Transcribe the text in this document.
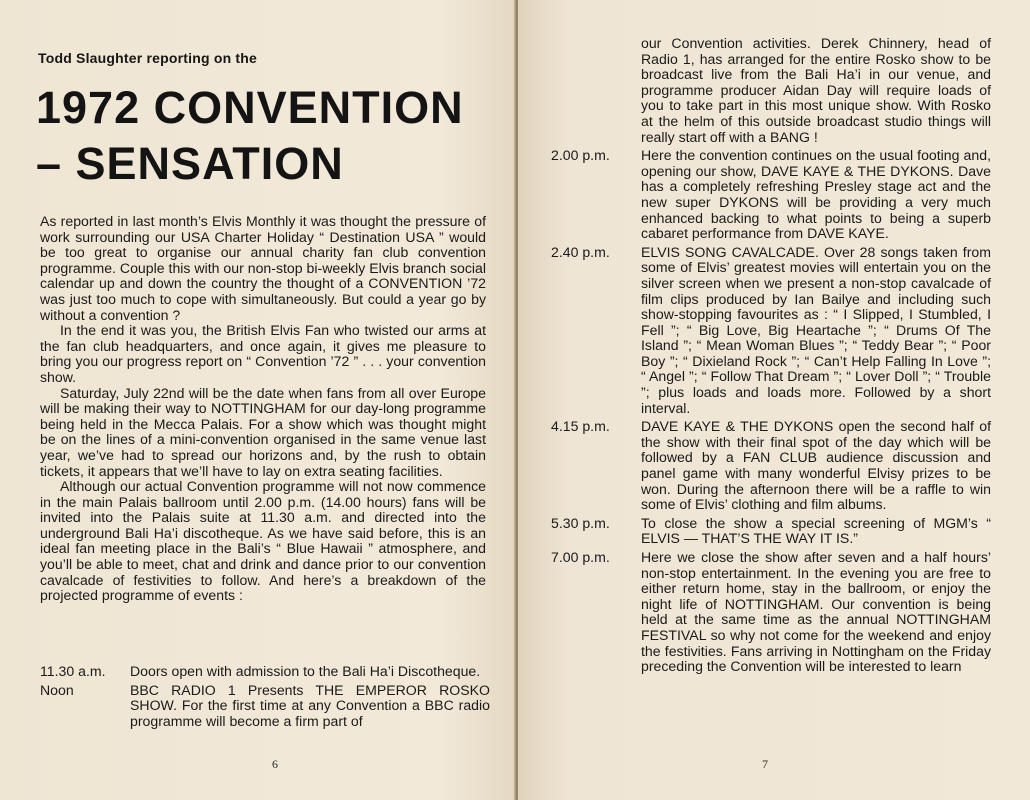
Todd Slaughter reporting on the
1972 CONVENTION
– SENSATION

As reported in last month’s Elvis Monthly it was thought the pressure of work surrounding our USA Charter Holiday “ Destination USA ” would be too great to organise our annual charity fan club convention programme. Couple this with our non-stop bi-weekly Elvis branch social calendar up and down the country the thought of a CONVENTION ’72 was just too much to cope with simultaneously. But could a year go by without a convention ?

In the end it was you, the British Elvis Fan who twisted our arms at the fan club headquarters, and once again, it gives me pleasure to bring you our progress report on “ Convention ’72 ” . . . your convention show.

Saturday, July 22nd will be the date when fans from all over Europe will be making their way to NOTTINGHAM for our day-long programme being held in the Mecca Palais. For a show which was thought might be on the lines of a mini-convention organised in the same venue last year, we’ve had to spread our horizons and, by the rush to obtain tickets, it appears that we’ll have to lay on extra seating facilities.

Although our actual Convention programme will not now commence in the main Palais ballroom until 2.00 p.m. (14.00 hours) fans will be invited into the Palais suite at 11.30 a.m. and directed into the underground Bali Ha’i discotheque. As we have said before, this is an ideal fan meeting place in the Bali’s “ Blue Hawaii ” atmosphere, and you’ll be able to meet, chat and drink and dance prior to our convention cavalcade of festivities to follow. And here’s a breakdown of the projected programme of events :

11.30 a.m.	Doors open with admission to the Bali Ha’i Discotheque.
Noon	BBC RADIO 1 Presents THE EMPEROR ROSKO SHOW. For the first time at any Convention a BBC radio programme will become a firm part of
6
our Convention activities. Derek Chinnery, head of Radio 1, has arranged for the entire Rosko show to be broadcast live from the Bali Ha’i in our venue, and programme producer Aidan Day will require loads of you to take part in this most unique show. With Rosko at the helm of this outside broadcast studio things will really start off with a BANG !
2.00 p.m.	Here the convention continues on the usual footing and, opening our show, DAVE KAYE & THE DYKONS. Dave has a completely refreshing Presley stage act and the new super DYKONS will be providing a very much enhanced backing to what points to being a superb cabaret performance from DAVE KAYE.
2.40 p.m.	ELVIS SONG CAVALCADE. Over 28 songs taken from some of Elvis’ greatest movies will entertain you on the silver screen when we present a non-stop cavalcade of film clips produced by Ian Bailye and including such show-stopping favourites as : “ I Slipped, I Stumbled, I Fell ”; “ Big Love, Big Heartache ”; “ Drums Of The Island ”; “ Mean Woman Blues ”; “ Teddy Bear ”; “ Poor Boy ”; “ Dixieland Rock ”; “ Can’t Help Falling In Love ”; “ Angel ”; “ Follow That Dream ”; “ Lover Doll ”; “ Trouble ”; plus loads and loads more. Followed by a short interval.
4.15 p.m.	DAVE KAYE & THE DYKONS open the second half of the show with their final spot of the day which will be followed by a FAN CLUB audience discussion and panel game with many wonderful Elvisy prizes to be won. During the afternoon there will be a raffle to win some of Elvis’ clothing and film albums.
5.30 p.m.	To close the show a special screening of MGM’s “ ELVIS — THAT’S THE WAY IT IS.”
7.00 p.m.	Here we close the show after seven and a half hours’ non-stop entertainment. In the evening you are free to either return home, stay in the ballroom, or enjoy the night life of NOTTINGHAM. Our convention is being held at the same time as the annual NOTTINGHAM FESTIVAL so why not come for the weekend and enjoy the festivities. Fans arriving in Nottingham on the Friday preceding the Convention will be interested to learn
7
